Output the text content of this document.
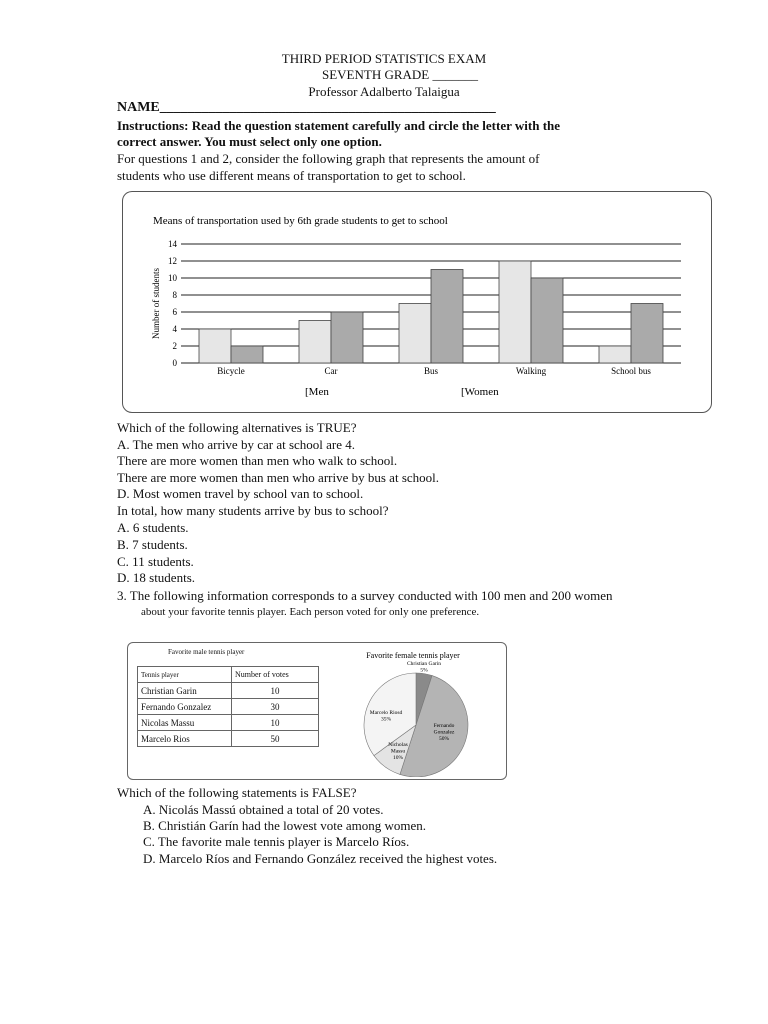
THIRD PERIOD STATISTICS EXAM
SEVENTH GRADE _______
Professor Adalberto Talaigua
NAME________________________________________________
Instructions: Read the question statement carefully and circle the letter with the
correct answer. You must select only one option.
For questions 1 and 2, consider the following graph that represents the amount of
students who use different means of transportation to get to school.
Means of transportation used by 6th grade students to get to school
0
2
4
6
8
10
12
14
Number of students
Bicycle	Car	Bus	Walking	School bus
[Men	[Women
Which of the following alternatives is TRUE?
A. The men who arrive by car at school are 4.
There are more women than men who walk to school.
There are more women than men who arrive by bus at school.
D. Most women travel by school van to school.
In total, how many students arrive by bus to school?
A. 6 students.
B. 7 students.
C. 11 students.
D. 18 students.
3. The following information corresponds to a survey conducted with 100 men and 200 women
about your favorite tennis player. Each person voted for only one preference.
Favorite male tennis player
Tennis player	Number of votes
Christian Garin	10
Fernando Gonzalez	30
Nicolas Massu	10
Marcelo Rios	50
Favorite female tennis player
Christian Garin
5%
Fernando
Gonzalez
50%
Nicholas
Massu
10%
Marcelo Riosd
35%
Which of the following statements is FALSE?
A. Nicolás Massú obtained a total of 20 votes.
B. Christián Garín had the lowest vote among women.
C. The favorite male tennis player is Marcelo Ríos.
D. Marcelo Ríos and Fernando González received the highest votes.
